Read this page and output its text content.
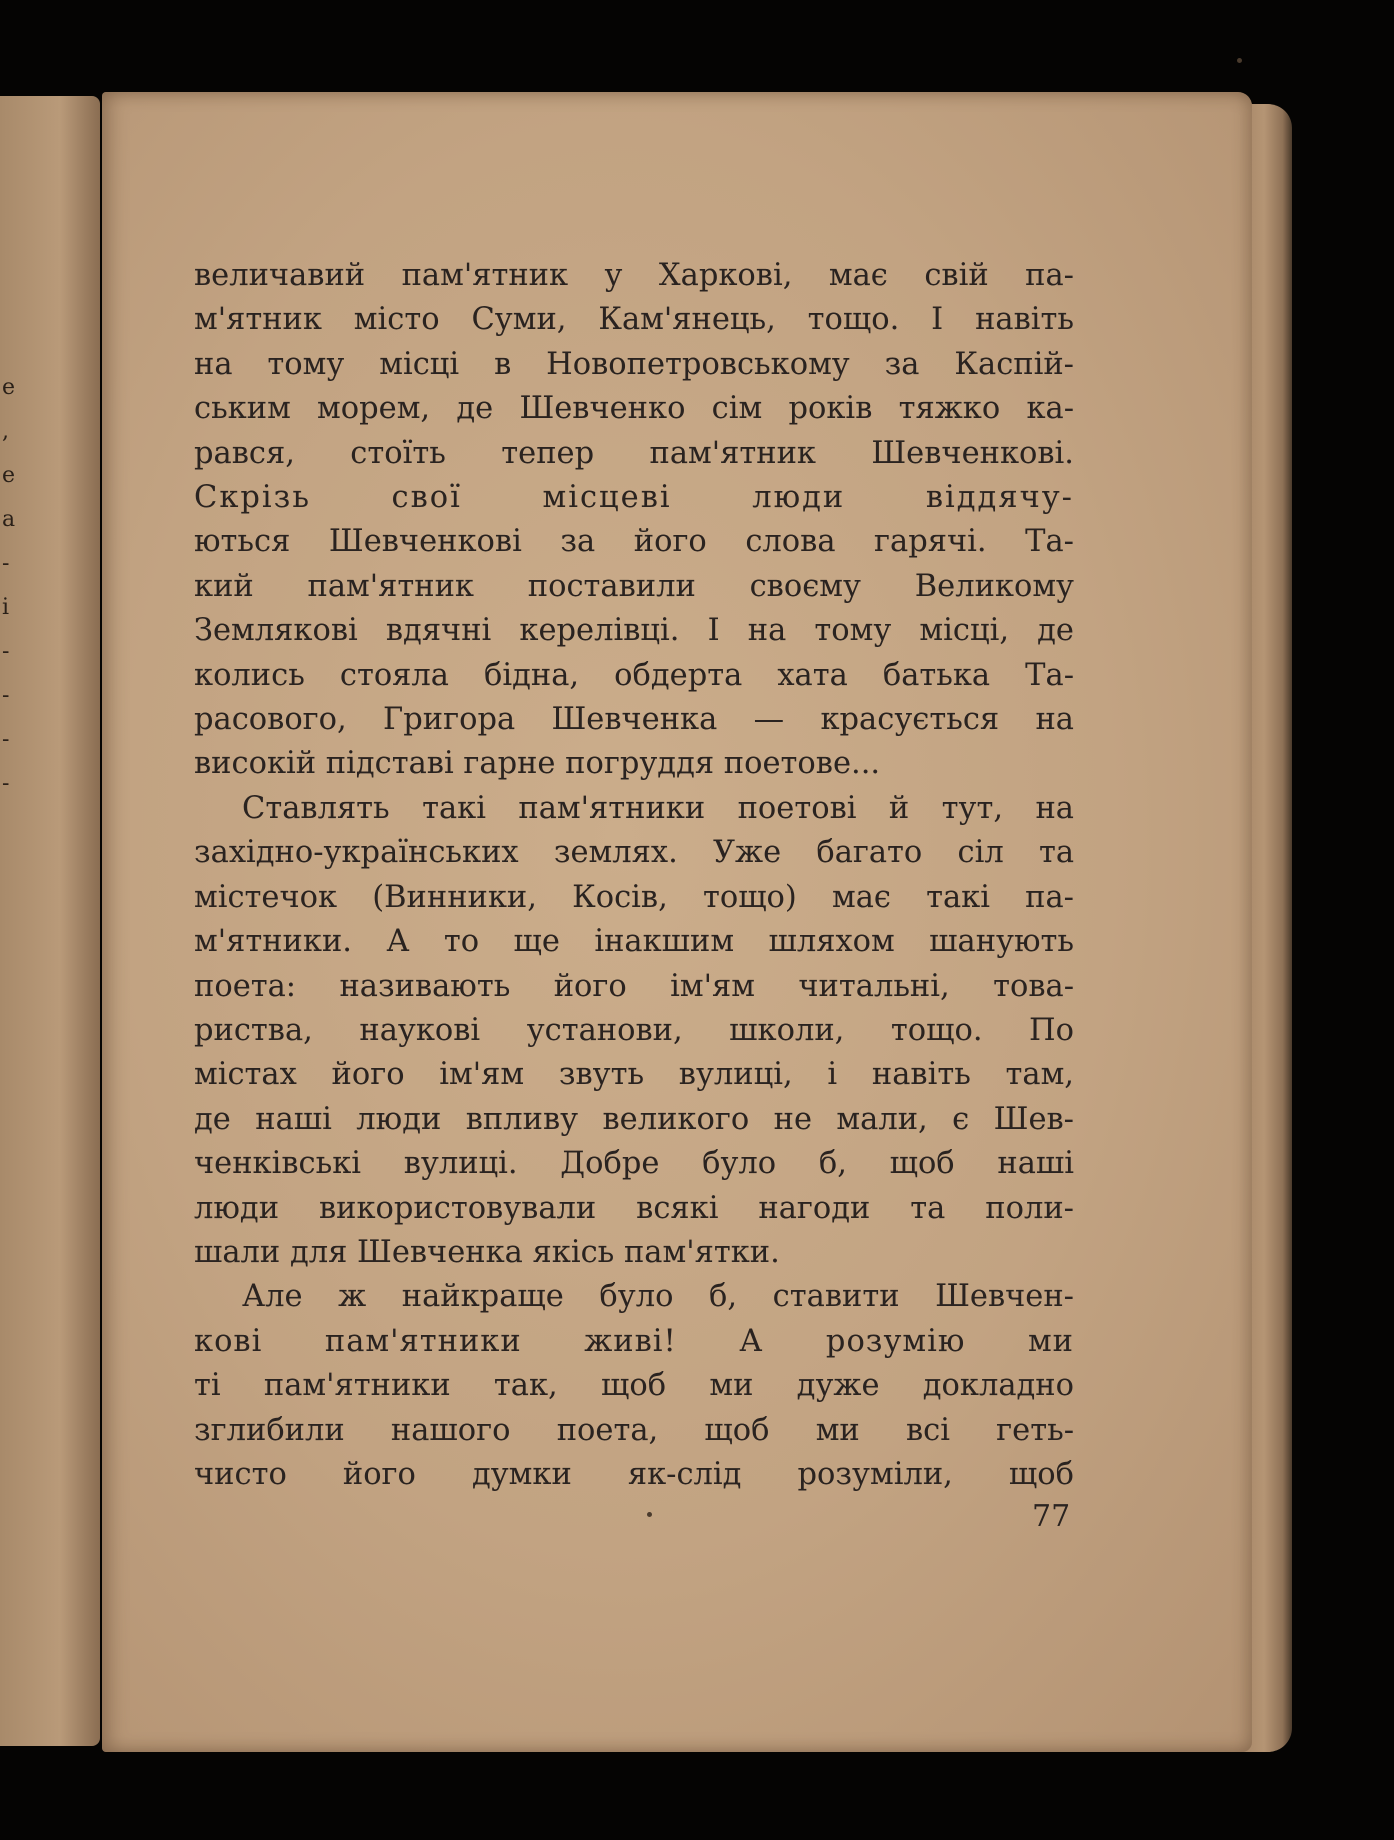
е
,
е
а
-
і
-
-
-
-
величавий пам'ятник у Харкові, має свій па-
м'ятник місто Суми, Кам'янець, тощо. І навіть
на тому місці в Новопетровському за Каспій-
ським морем, де Шевченко сім років тяжко ка-
рався, стоїть тепер пам'ятник Шевченкові.
Скрізь свої місцеві люди віддячу-
ються Шевченкові за його слова гарячі. Та-
кий пам'ятник поставили своєму Великому
Землякові вдячні керелівці. І на тому місці, де
колись стояла бідна, обдерта хата батька Та-
расового, Григора Шевченка — красується на
високій підставі гарне погруддя поетове...
Ставлять такі пам'ятники поетові й тут, на
західно-українських землях. Уже багато сіл та
містечок (Винники, Косів, тощо) має такі па-
м'ятники. А то ще інакшим шляхом шанують
поета: називають його ім'ям читальні, това-
риства, наукові установи, школи, тощо. По
містах його ім'ям звуть вулиці, і навіть там,
де наші люди впливу великого не мали, є Шев-
ченківські вулиці. Добре було б, щоб наші
люди використовували всякі нагоди та поли-
шали для Шевченка якісь пам'ятки.
Але ж найкраще було б, ставити Шевчен-
кові пам'ятники живі! А розумію ми
ті пам'ятники так, щоб ми дуже докладно
зглибили нашого поета, щоб ми всі геть-
чисто його думки як-слід розуміли, щоб
77
